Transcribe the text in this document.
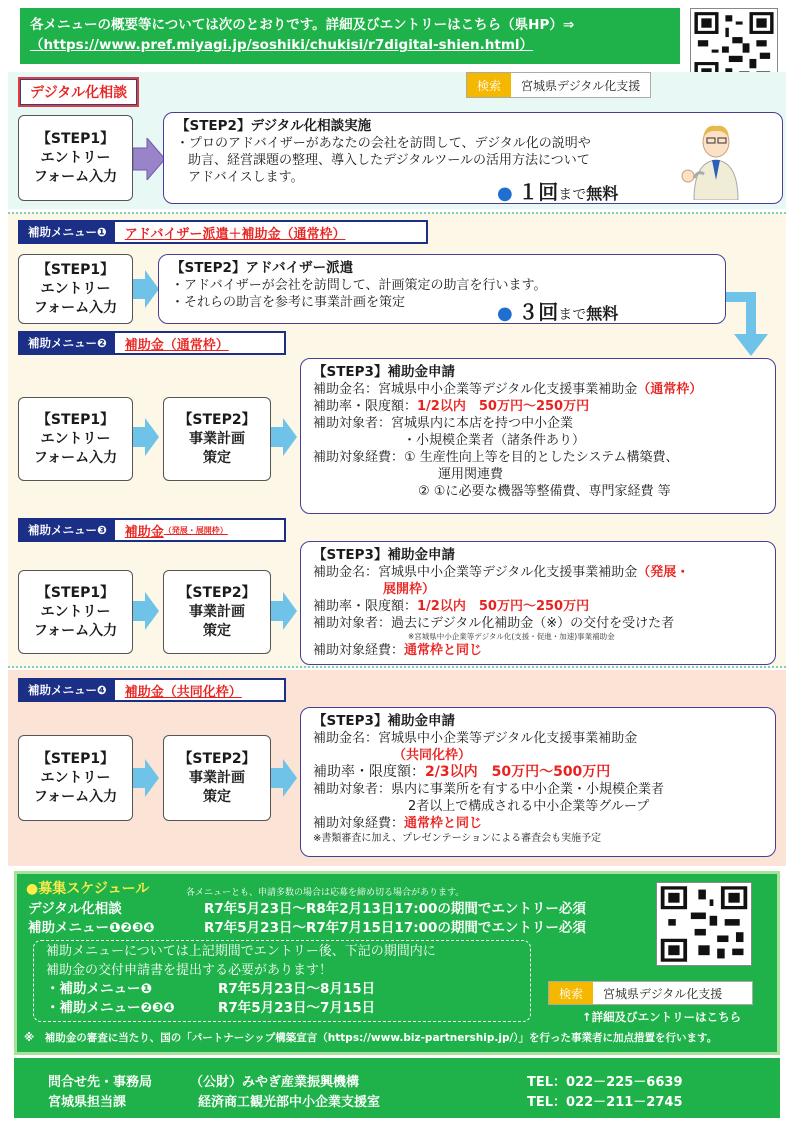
各メニューの概要等については次のとおりです。詳細及びエントリーはこちら（県HP）⇒
（https://www.pref.miyagi.jp/soshiki/chukisi/r7digital-shien.html）
デジタル化相談	検索	宮城県デジタル化支援
【STEP1】
エントリー
フォーム入力
【STEP2】デジタル化相談実施
・プロのアドバイザーがあなたの会社を訪問して、デジタル化の説明や
助言、経営課題の整理、導入したデジタルツールの活用方法について
アドバイスします。
● １回まで無料
補助メニュー❶	アドバイザー派遣＋補助金（通常枠）
【STEP1】
エントリー
フォーム入力
【STEP2】アドバイザー派遣
・アドバイザーが会社を訪問して、計画策定の助言を行います。
・それらの助言を参考に事業計画を策定
● ３回まで無料
補助メニュー❷	補助金（通常枠）
【STEP1】
エントリー
フォーム入力
【STEP2】
事業計画
策定
【STEP3】補助金申請
補助金名：宮城県中小企業等デジタル化支援事業補助金（通常枠）
補助率・限度額：1/2以内　50万円～250万円
補助対象者：宮城県内に本店を持つ中小企業
・小規模企業者（諸条件あり）
補助対象経費：① 生産性向上等を目的としたシステム構築費、
運用関連費
② ①に必要な機器等整備費、専門家経費 等
補助メニュー❸	補助金 （発展・展開枠）
【STEP1】
エントリー
フォーム入力
【STEP2】
事業計画
策定
【STEP3】補助金申請
補助金名：宮城県中小企業等デジタル化支援事業補助金（発展・
展開枠）
補助率・限度額：1/2以内　50万円～250万円
補助対象者：過去にデジタル化補助金（※）の交付を受けた者
※宮城県中小企業等デジタル化(支援・促進・加速)事業補助金
補助対象経費：通常枠と同じ
補助メニュー❹	補助金（共同化枠）
【STEP1】
エントリー
フォーム入力
【STEP2】
事業計画
策定
【STEP3】補助金申請
補助金名：宮城県中小企業等デジタル化支援事業補助金
（共同化枠）
補助率・限度額：2/3以内　50万円～500万円
補助対象者：県内に事業所を有する中小企業・小規模企業者
2者以上で構成される中小企業等グループ
補助対象経費：通常枠と同じ
※書類審査に加え、プレゼンテーションによる審査会も実施予定
●募集スケジュール	各メニューとも、申請多数の場合は応募を締め切る場合があります。
デジタル化相談	R7年5月23日～R8年2月13日17:00の期間でエントリー必須
補助メニュー❶❷❸❹	R7年5月23日～R7年7月15日17:00の期間でエントリー必須
補助メニューについては上記期間でエントリー後、下記の期間内に
補助金の交付申請書を提出する必要があります！
・補助メニュー❶	R7年5月23日～8月15日
・補助メニュー❷❸❹	R7年5月23日～7月15日
検索	宮城県デジタル化支援
↑詳細及びエントリーはこちら
※　補助金の審査に当たり、国の「パートナーシップ構築宣言（https://www.biz-partnership.jp/）」を行った事業者に加点措置を行います。
問合せ先・事務局	（公財）みやぎ産業振興機構	TEL：022－225－6639
宮城県担当課	経済商工観光部中小企業支援室	TEL：022－211－2745
